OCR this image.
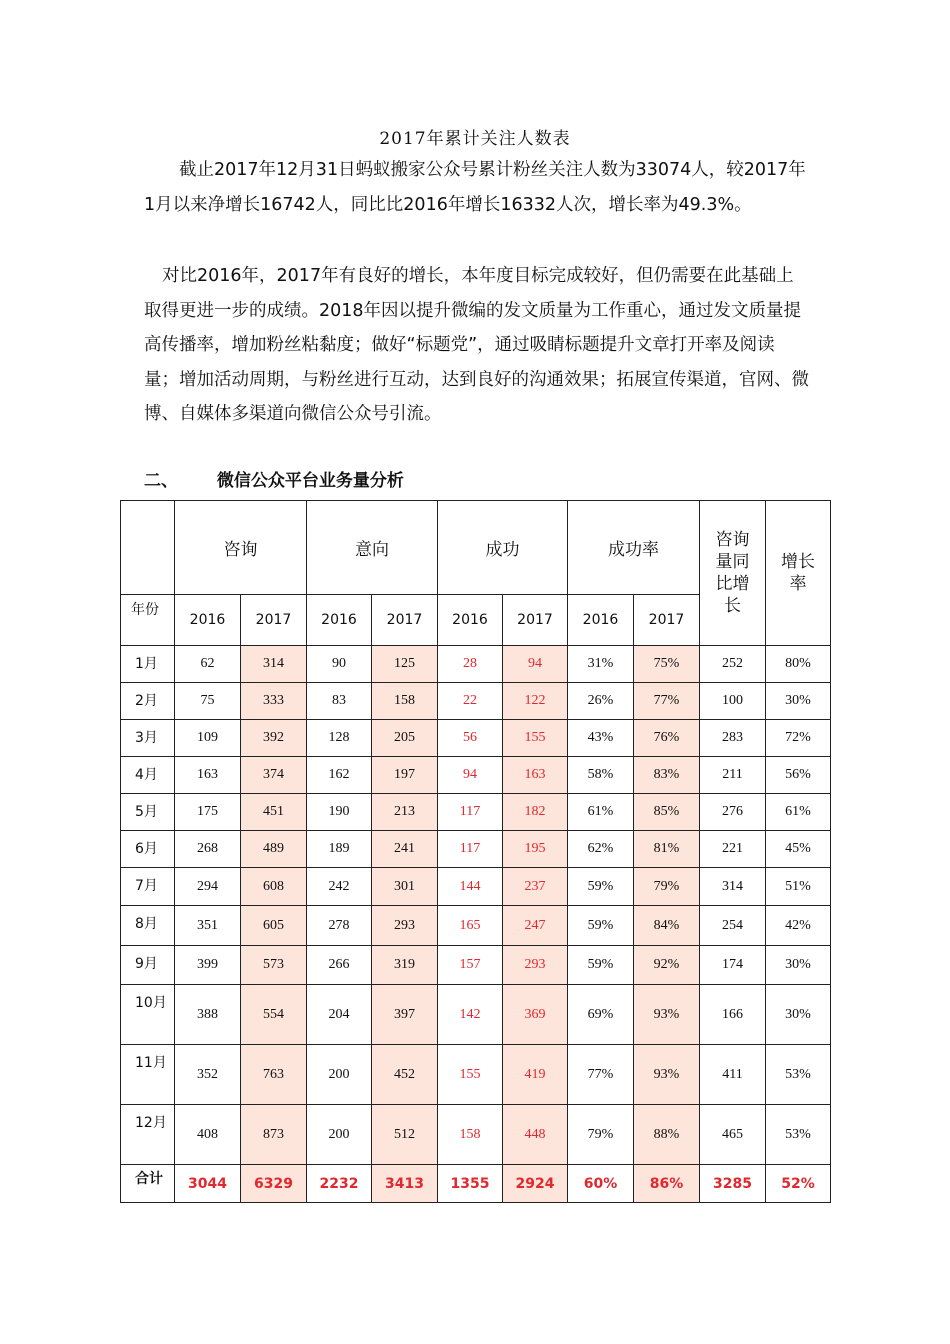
2017年累计关注人数表
截止2017年12月31日蚂蚁搬家公众号累计粉丝关注人数为33074人，较2017年1月以来净增长16742人，同比比2016年增长16332人次，增长率为49.3%。
对比2016年，2017年有良好的增长，本年度目标完成较好，但仍需要在此基础上取得更进一步的成绩。2018年因以提升微编的发文质量为工作重心，通过发文质量提高传播率，增加粉丝粘黏度；做好“标题党”，通过吸睛标题提升文章打开率及阅读量；增加活动周期，与粉丝进行互动，达到良好的沟通效果；拓展宣传渠道，官网、微博、自媒体多渠道向微信公众号引流。
二、 微信公众平台业务量分析
	咨询		意向		成功		成功率		咨询量同比增长	增长率

年份	2016	2017	2016	2017	2016	2017	2016	2017		
1月	62	314	90	125	28	94	31%	75%	252	80%
2月	75	333	83	158	22	122	26%	77%	100	30%
3月	109	392	128	205	56	155	43%	76%	283	72%
4月	163	374	162	197	94	163	58%	83%	211	56%
5月	175	451	190	213	117	182	61%	85%	276	61%
6月	268	489	189	241	117	195	62%	81%	221	45%
7月	294	608	242	301	144	237	59%	79%	314	51%
8月	351	605	278	293	165	247	59%	84%	254	42%
9月	399	573	266	319	157	293	59%	92%	174	30%
10月	388	554	204	397	142	369	69%	93%	166	30%
11月	352	763	200	452	155	419	77%	93%	411	53%
12月	408	873	200	512	158	448	79%	88%	465	53%
合计	3044	6329	2232	3413	1355	2924	60%	86%	3285	52%
